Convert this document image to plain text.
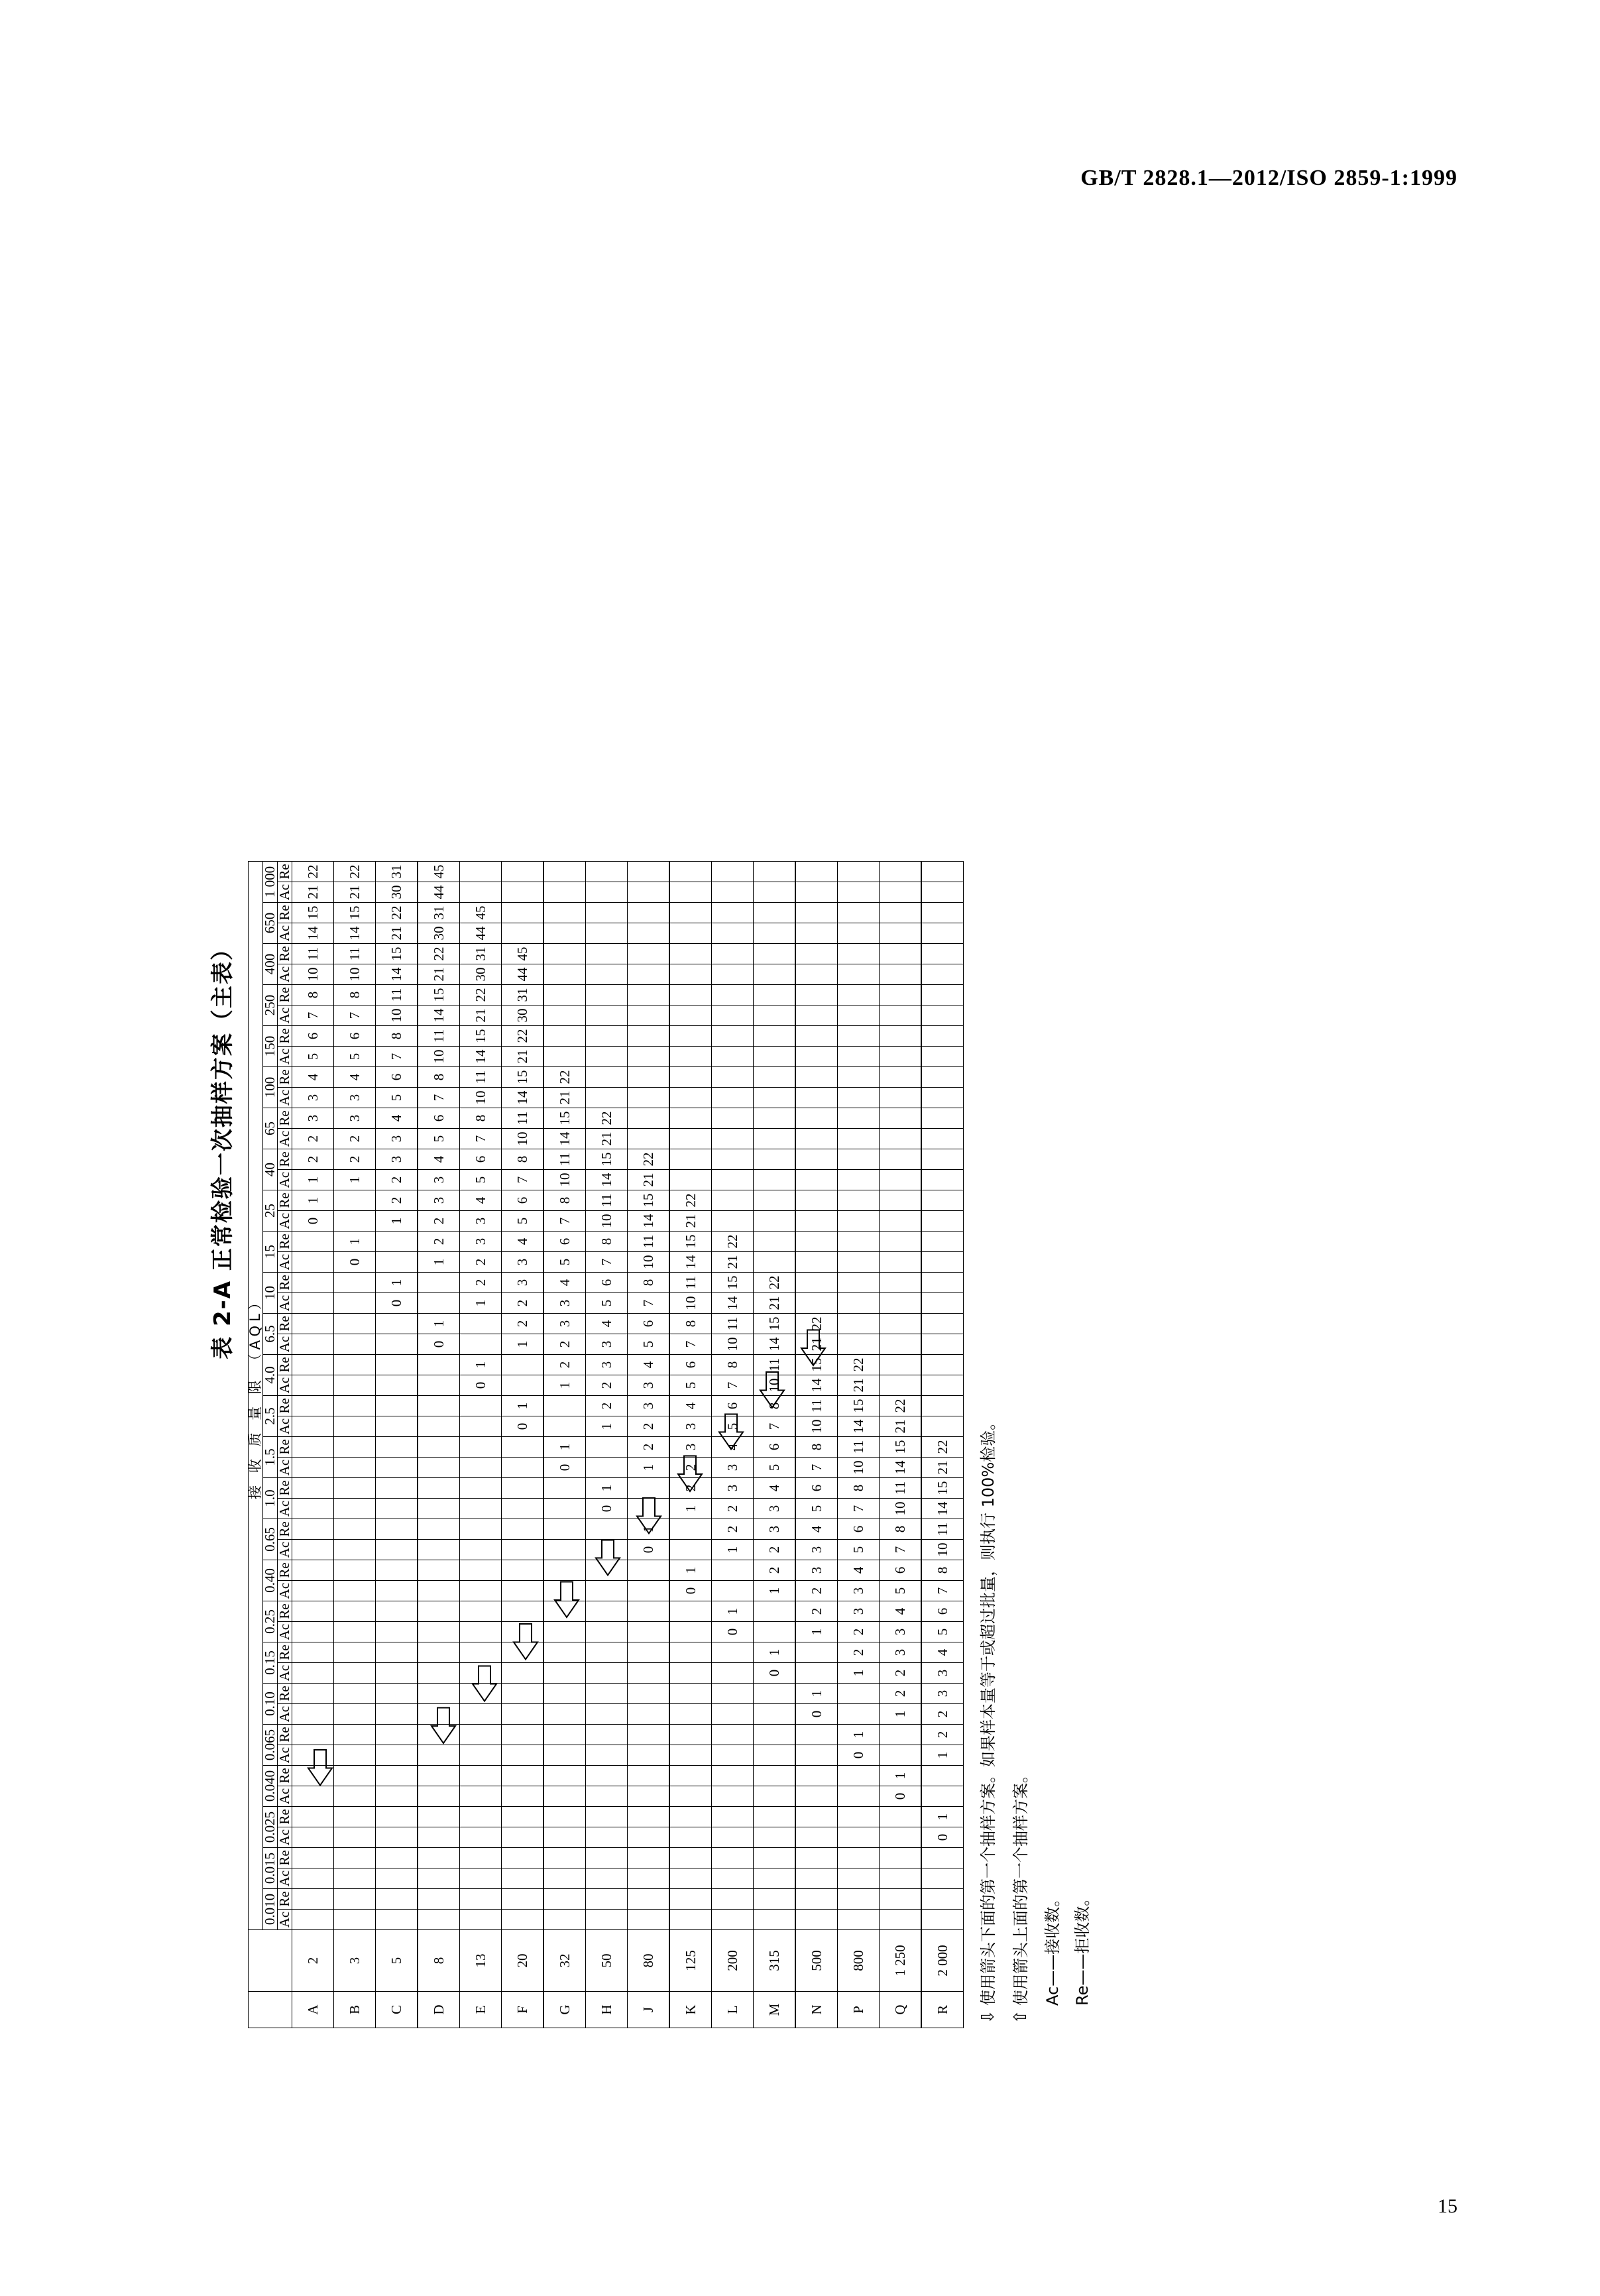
GB/T 2828.1—2012/ISO 2859-1:1999
表 2-A 正常检验一次抽样方案（主表）
		接 收 质 量 限 （AQL）																																																			
		0.010		0.015		0.025		0.040		0.065		0.10		0.15		0.25		0.40		0.65		1.0		1.5		2.5		4.0		6.5		10		15		25		40		65		100		150		250		400		650		1 000	
		Ac	Re	Ac	Re	Ac	Re	Ac	Re	Ac	Re	Ac	Re	Ac	Re	Ac	Re	Ac	Re	Ac	Re	Ac	Re	Ac	Re	Ac	Re	Ac	Re	Ac	Re	Ac	Re	Ac	Re	Ac	Re	Ac	Re	Ac	Re	Ac	Re	Ac	Re	Ac	Re	Ac	Re	Ac	Re	Ac	Re
A	2																																			0	1	1	2	2	3	3	4	5	6	7	8	10	11	14	15	21	22
B	3																																	0	1			1	2	2	3	3	4	5	6	7	8	10	11	14	15	21	22
C	5																															0	1			1	2	2	3	3	4	5	6	7	8	10	11	14	15	21	22	30	31
D	8																													0	1			1	2	2	3	3	4	5	6	7	8	10	11	14	15	21	22	30	31	44	45
E	13																											0	1			1	2	2	3	3	4	5	6	7	8	10	11	14	15	21	22	30	31	44	45		
F	20																									0	1			1	2	2	3	3	4	5	6	7	8	10	11	14	15	21	22	30	31	44	45				
G	32																							0	1			1	2	2	3	3	4	5	6	7	8	10	11	14	15	21	22										
H	50																					0	1			1	2	2	3	3	4	5	6	7	8	10	11	14	15	21	22												
J	80																			0	1			1	2	2	3	3	4	5	6	7	8	10	11	14	15	21	22														
K	125																	0	1			1	2	2	3	3	4	5	6	7	8	10	11	14	15	21	22																
L	200															0	1			1	2	2	3	3	4	5	6	7	8	10	11	14	15	21	22																		
M	315													0	1			1	2	2	3	3	4	5	6	7	8	10	11	14	15	21	22																				
N	500											0	1			1	2	2	3	3	4	5	6	7	8	10	11	14	15	21	22																						
P	800									0	1			1	2	2	3	3	4	5	6	7	8	10	11	14	15	21	22																								
Q	1 250							0	1			1	2	2	3	3	4	5	6	7	8	10	11	14	15	21	22																										
R	2 000					0	1			1	2	2	3	3	4	5	6	7	8	10	11	14	15	21	22																												
⇩使用箭头下面的第一个抽样方案。如果样本量等于或超过批量，则执行 100%检验。
⇧使用箭头上面的第一个抽样方案。 Ac——接收数。 Re——拒收数。
15
